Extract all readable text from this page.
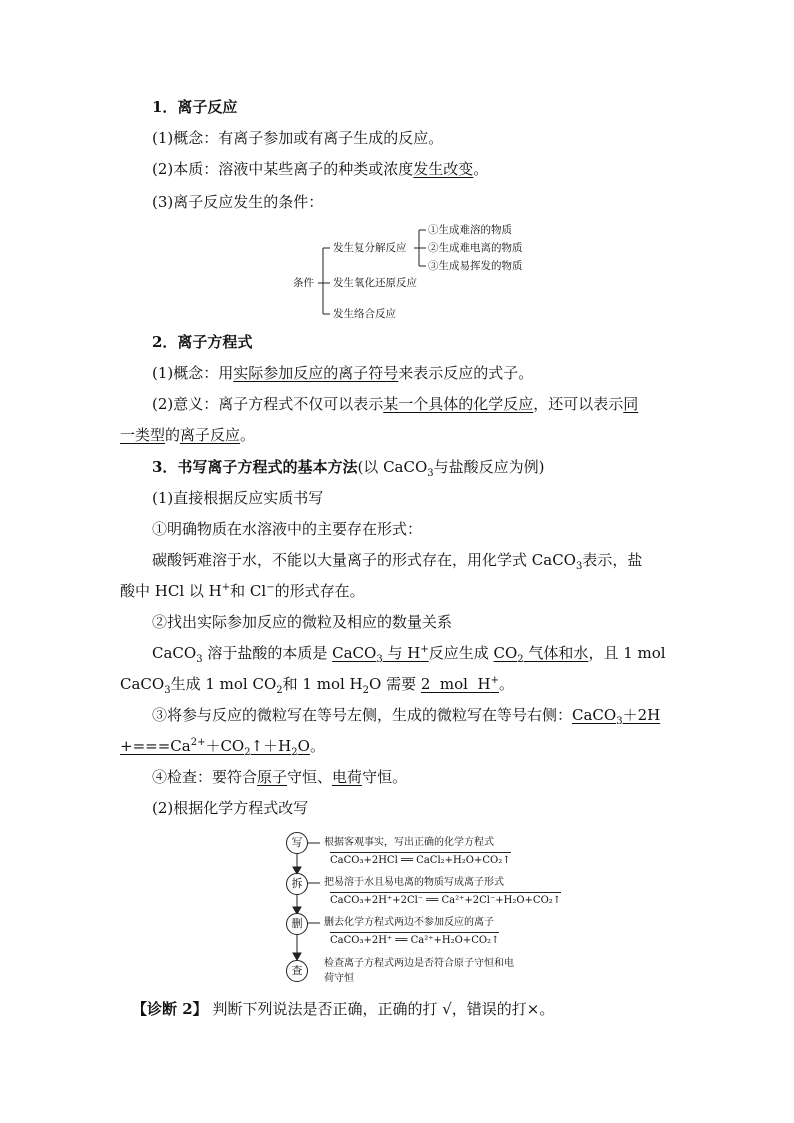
1．离子反应
(1)概念：有离子参加或有离子生成的反应。
(2)本质：溶液中某些离子的种类或浓度发生改变。
(3)离子反应发生的条件：
条件
发生复分解反应
①生成难溶的物质
②生成难电离的物质
③生成易挥发的物质
发生氧化还原反应
发生络合反应
2．离子方程式
(1)概念：用实际参加反应的离子符号来表示反应的式子。
(2)意义：离子方程式不仅可以表示某一个具体的化学反应，还可以表示同
一类型的离子反应。
3．书写离子方程式的基本方法(以 CaCO$_3$与盐酸反应为例)
(1)直接根据反应实质书写
①明确物质在水溶液中的主要存在形式：
碳酸钙难溶于水，不能以大量离子的形式存在，用化学式 CaCO$_3$表示，盐
酸中 HCl 以 H+和 Cl−的形式存在。
②找出实际参加反应的微粒及相应的数量关系
CaCO$_3$ 溶于盐酸的本质是 CaCO$_3$ 与 H+反应生成 $CO_2$ 气体和水，且 1 mol
CaCO$_3$生成 1 mol $CO_2$和 1 mol $H_2O$ 需要 2  mol  H+。
③将参与反应的微粒写在等号左侧，生成的微粒写在等号右侧：CaCO$_3$＋2H
$+===Ca^{2+}+CO_2↑+H_2O$。
④检查：要符合原子守恒、电荷守恒。
(2)根据化学方程式改写
写
拆
删
查
根据客观事实，写出正确的化学方程式
CaCO₃+2HCl ══ CaCl₂+H₂O+CO₂↑
把易溶于水且易电离的物质写成离子形式
CaCO₃+2H⁺+2Cl⁻ ══ Ca²⁺+2Cl⁻+H₂O+CO₂↑
删去化学方程式两边不参加反应的离子
CaCO₃+2H⁺ ══ Ca²⁺+H₂O+CO₂↑
检查离子方程式两边是否符合原子守恒和电
荷守恒
【诊断 2】 判断下列说法是否正确，正确的打 √，错误的打×。
